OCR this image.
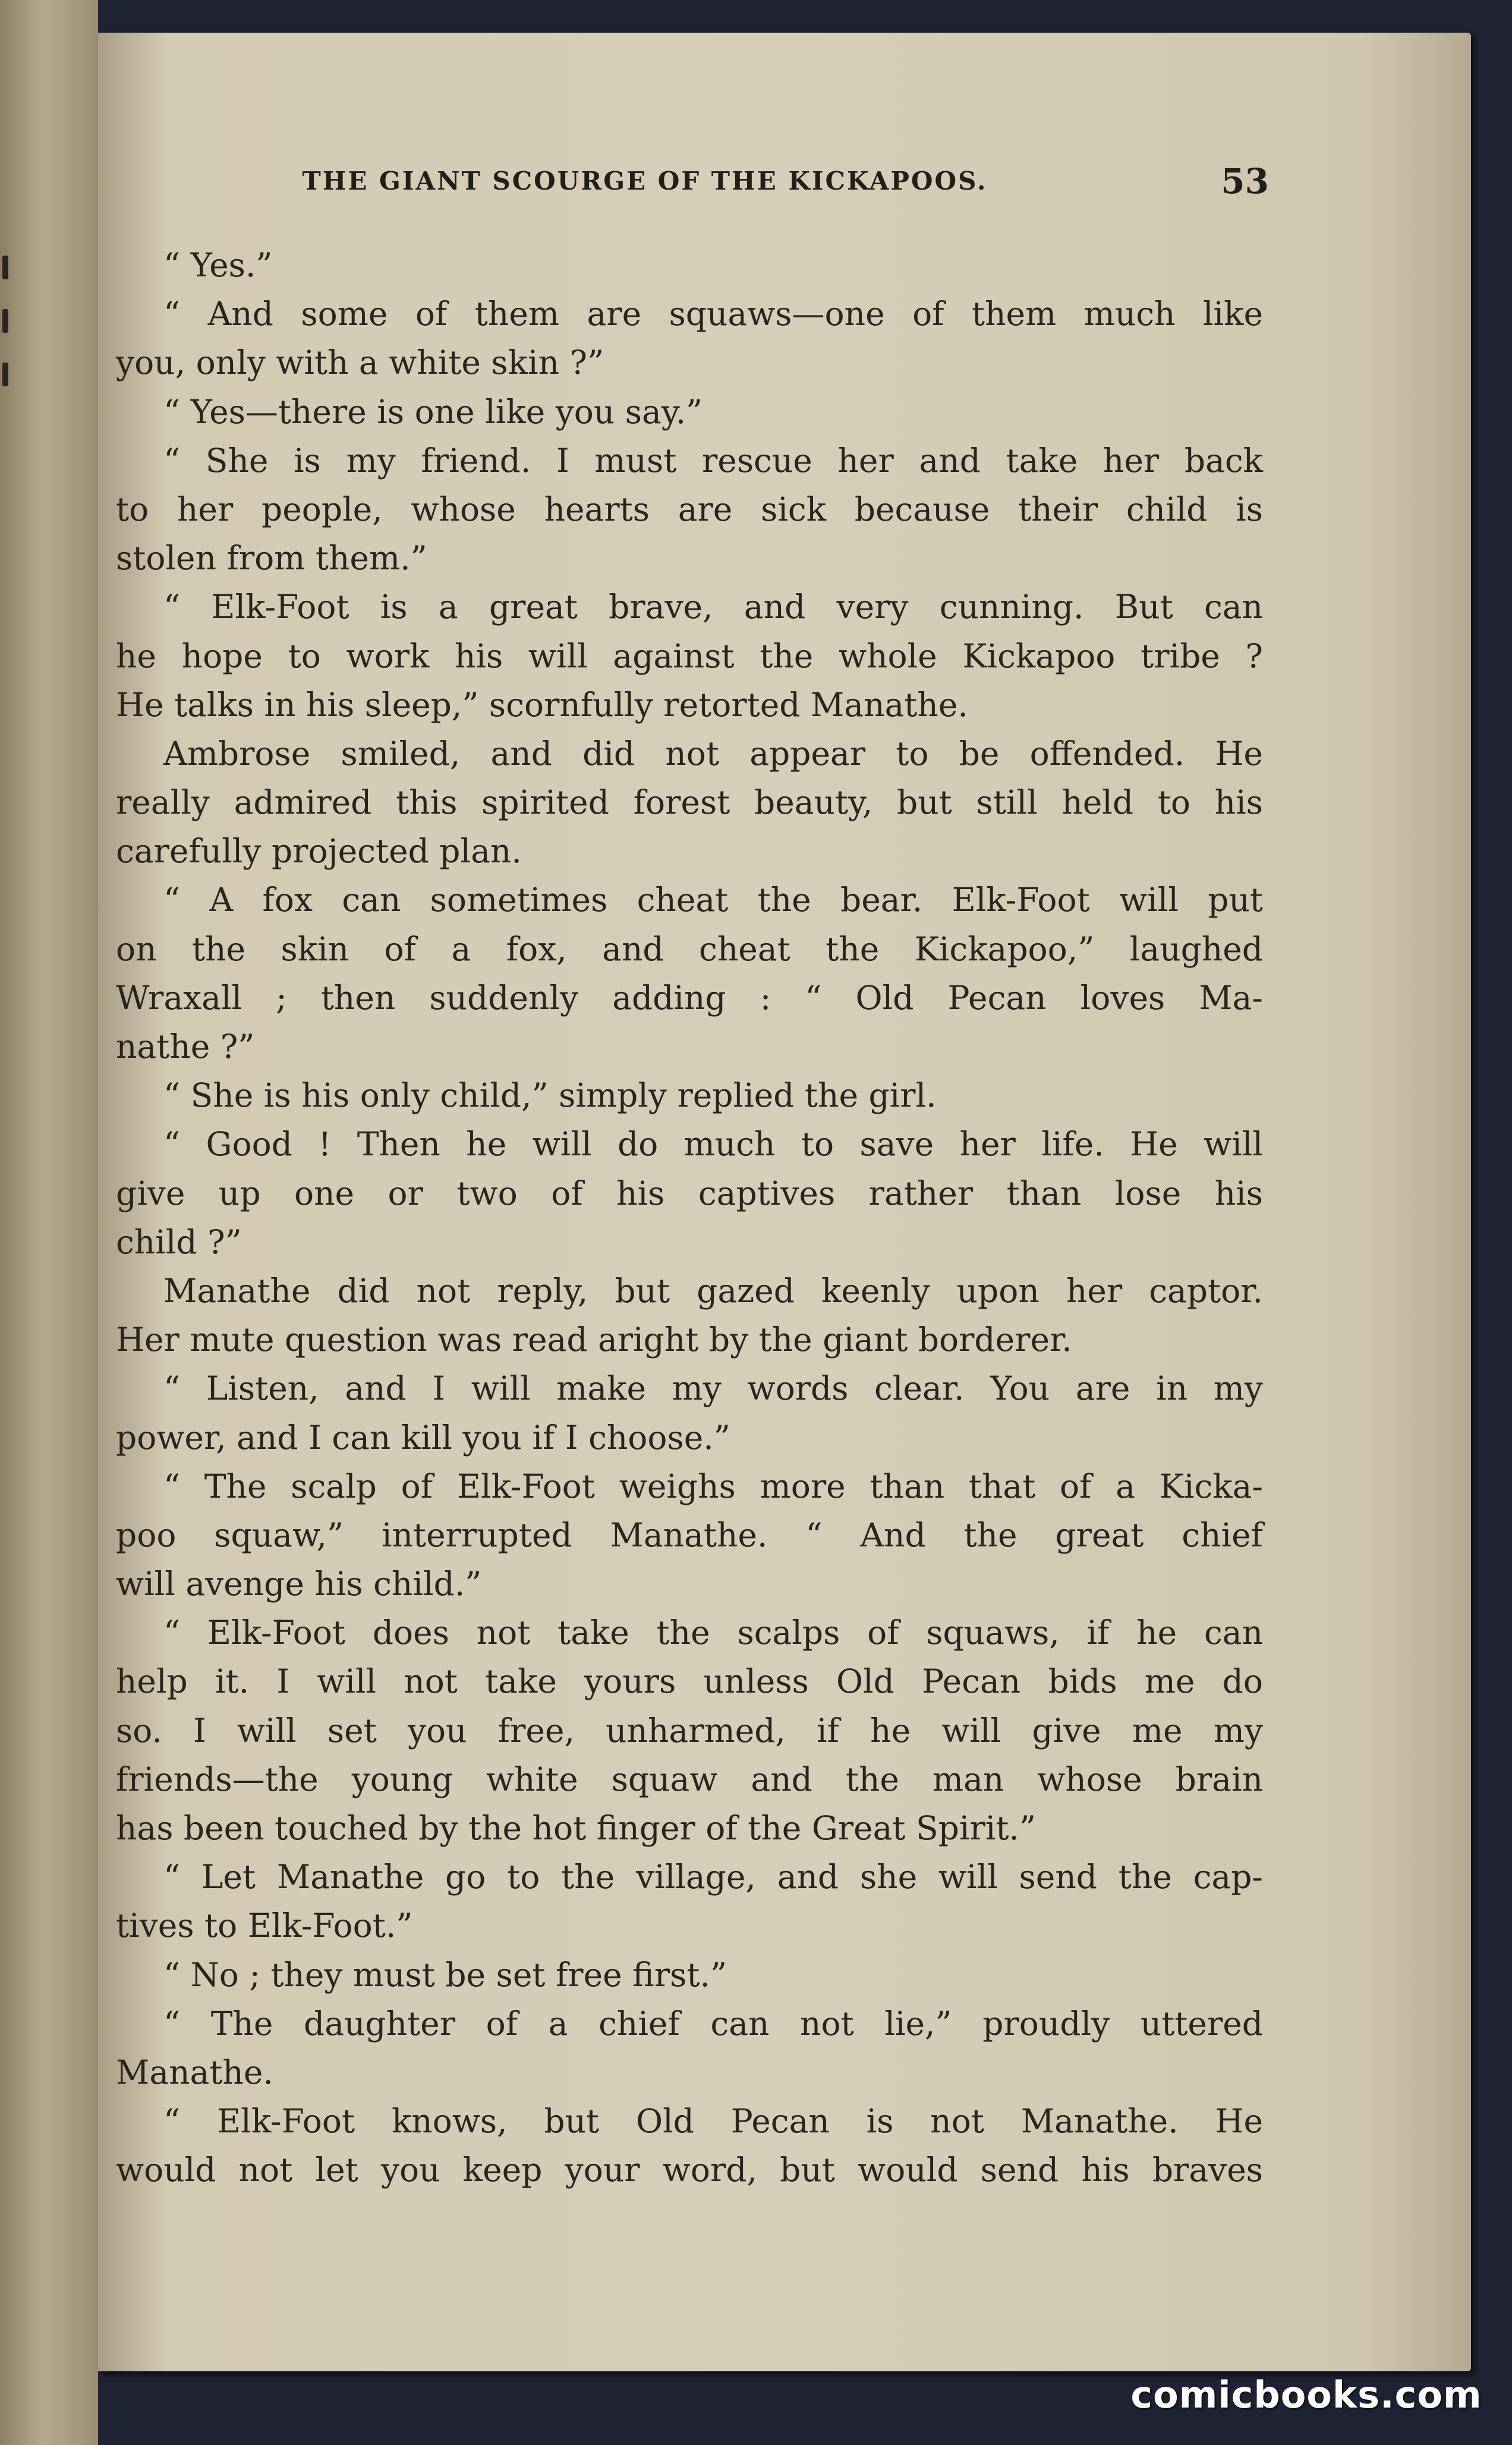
THE GIANT SCOURGE OF THE KICKAPOOS.	53
“ Yes.”
“ And some of them are squaws—one of them much like
you, only with a white skin ?”
“ Yes—there is one like you say.”
“ She is my friend. I must rescue her and take her back
to her people, whose hearts are sick because their child is
stolen from them.”
“ Elk-Foot is a great brave, and very cunning. But can
he hope to work his will against the whole Kickapoo tribe ?
He talks in his sleep,” scornfully retorted Manathe.
Ambrose smiled, and did not appear to be offended. He
really admired this spirited forest beauty, but still held to his
carefully projected plan.
“ A fox can sometimes cheat the bear. Elk-Foot will put
on the skin of a fox, and cheat the Kickapoo,” laughed
Wraxall ; then suddenly adding : “ Old Pecan loves Ma-
nathe ?”
“ She is his only child,” simply replied the girl.
“ Good ! Then he will do much to save her life. He will
give up one or two of his captives rather than lose his
child ?”
Manathe did not reply, but gazed keenly upon her captor.
Her mute question was read aright by the giant borderer.
“ Listen, and I will make my words clear. You are in my
power, and I can kill you if I choose.”
“ The scalp of Elk-Foot weighs more than that of a Kicka-
poo squaw,” interrupted Manathe. “ And the great chief
will avenge his child.”
“ Elk-Foot does not take the scalps of squaws, if he can
help it. I will not take yours unless Old Pecan bids me do
so. I will set you free, unharmed, if he will give me my
friends—the young white squaw and the man whose brain
has been touched by the hot finger of the Great Spirit.”
“ Let Manathe go to the village, and she will send the cap-
tives to Elk-Foot.”
“ No ; they must be set free first.”
“ The daughter of a chief can not lie,” proudly uttered
Manathe.
“ Elk-Foot knows, but Old Pecan is not Manathe. He
would not let you keep your word, but would send his braves
comicbooks.com
